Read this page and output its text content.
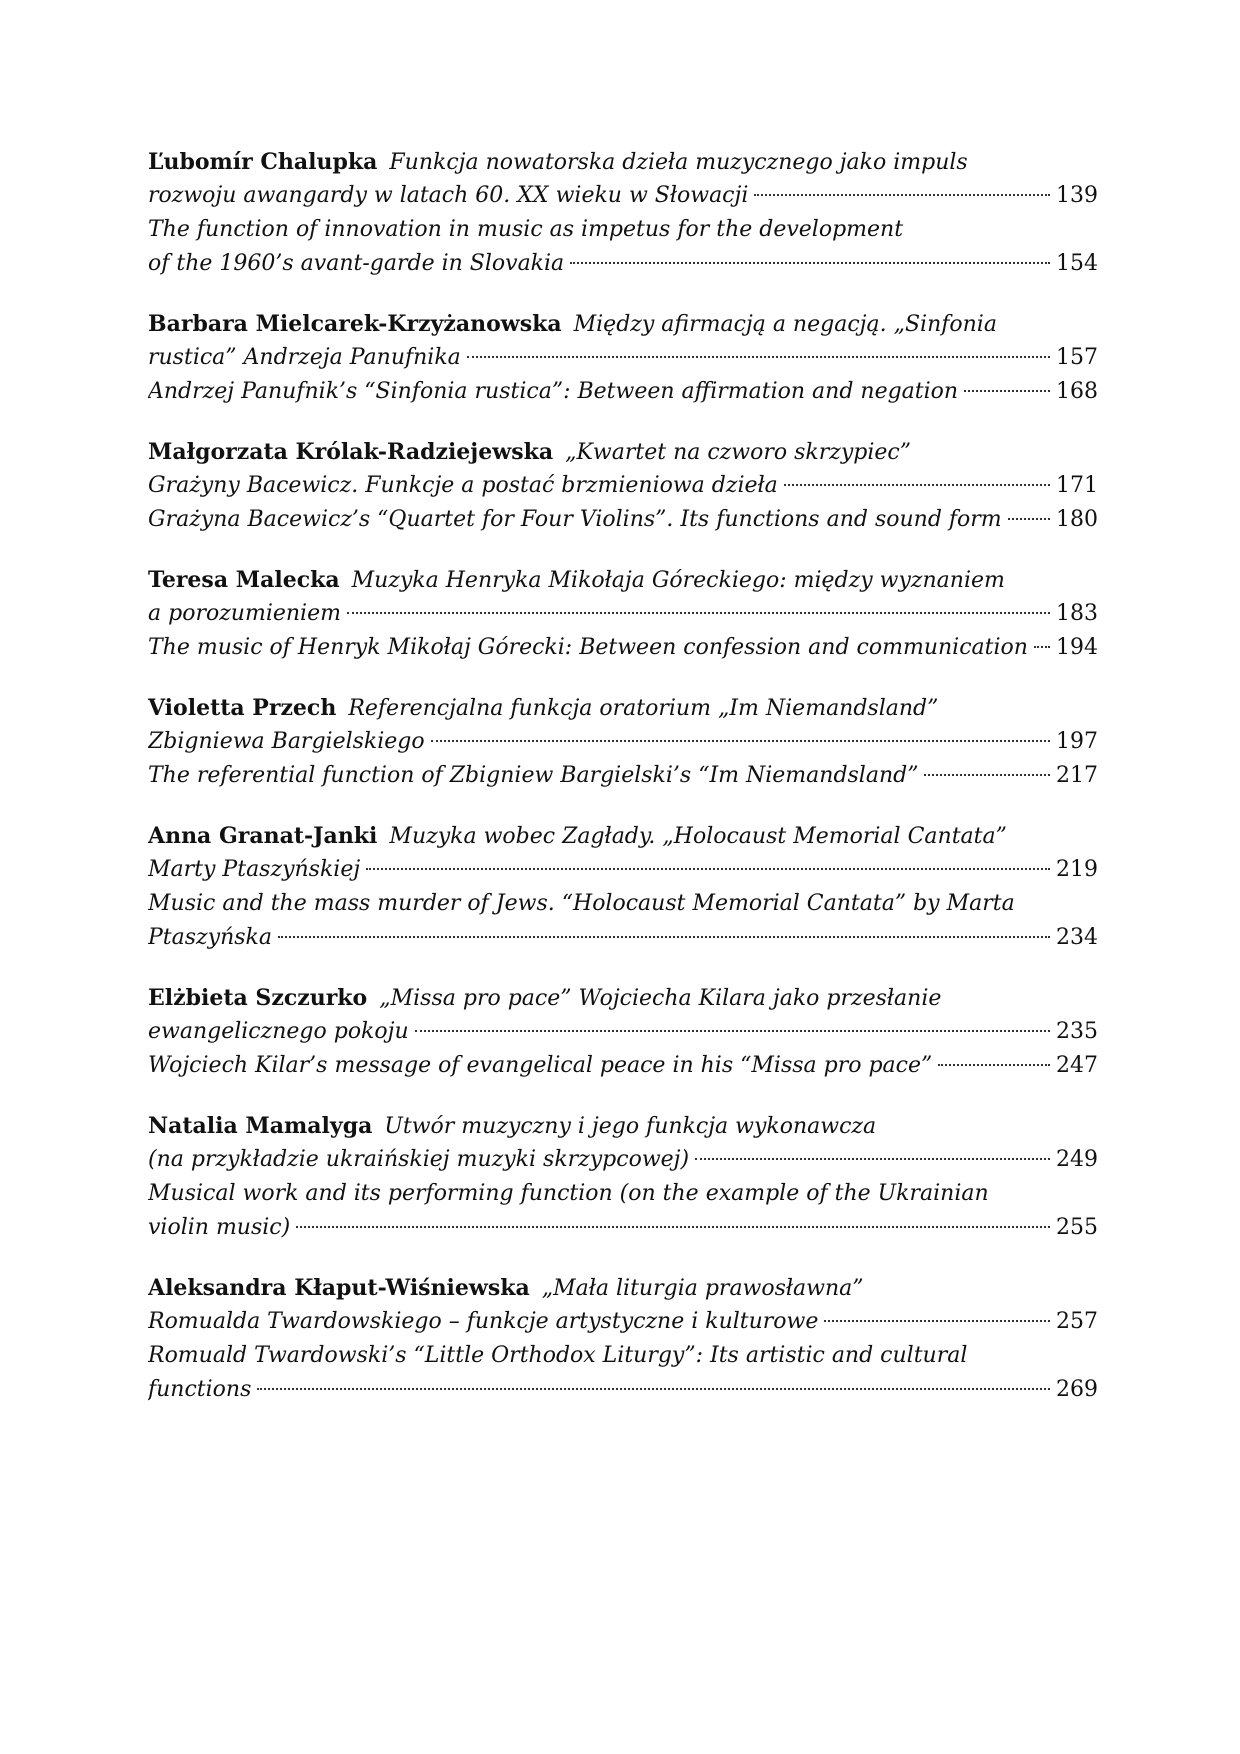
Ľubomír Chalupka Funkcja nowatorska dzieła muzycznego jako impuls
rozwoju awangardy w latach 60. XX wieku w Słowacji	139
The function of innovation in music as impetus for the development
of the 1960’s avant-garde in Slovakia	154
Barbara Mielcarek-Krzyżanowska Między afirmacją a negacją. „Sinfonia
rustica” Andrzeja Panufnika	157
Andrzej Panufnik’s “Sinfonia rustica”: Between affirmation and negation	168
Małgorzata Królak-Radziejewska „Kwartet na czworo skrzypiec”
Grażyny Bacewicz. Funkcje a postać brzmieniowa dzieła	171
Grażyna Bacewicz’s “Quartet for Four Violins”. Its functions and sound form 180
Teresa Malecka Muzyka Henryka Mikołaja Góreckiego: między wyznaniem
a porozumieniem	183
The music of Henryk Mikołaj Górecki: Between confession and communication 194
Violetta Przech Referencjalna funkcja oratorium „Im Niemandsland”
Zbigniewa Bargielskiego	197
The referential function of Zbigniew Bargielski’s “Im Niemandsland”	217
Anna Granat-Janki Muzyka wobec Zagłady. „Holocaust Memorial Cantata”
Marty Ptaszyńskiej	219
Music and the mass murder of Jews. “Holocaust Memorial Cantata” by Marta
Ptaszyńska	234
Elżbieta Szczurko „Missa pro pace” Wojciecha Kilara jako przesłanie
ewangelicznego pokoju	235
Wojciech Kilar’s message of evangelical peace in his “Missa pro pace”	247
Natalia Mamalyga Utwór muzyczny i jego funkcja wykonawcza
(na przykładzie ukraińskiej muzyki skrzypcowej)	249
Musical work and its performing function (on the example of the Ukrainian
violin music)	255
Aleksandra Kłaput-Wiśniewska „Mała liturgia prawosławna”
Romualda Twardowskiego – funkcje artystyczne i kulturowe	257
Romuald Twardowski’s “Little Orthodox Liturgy”: Its artistic and cultural
functions	269
